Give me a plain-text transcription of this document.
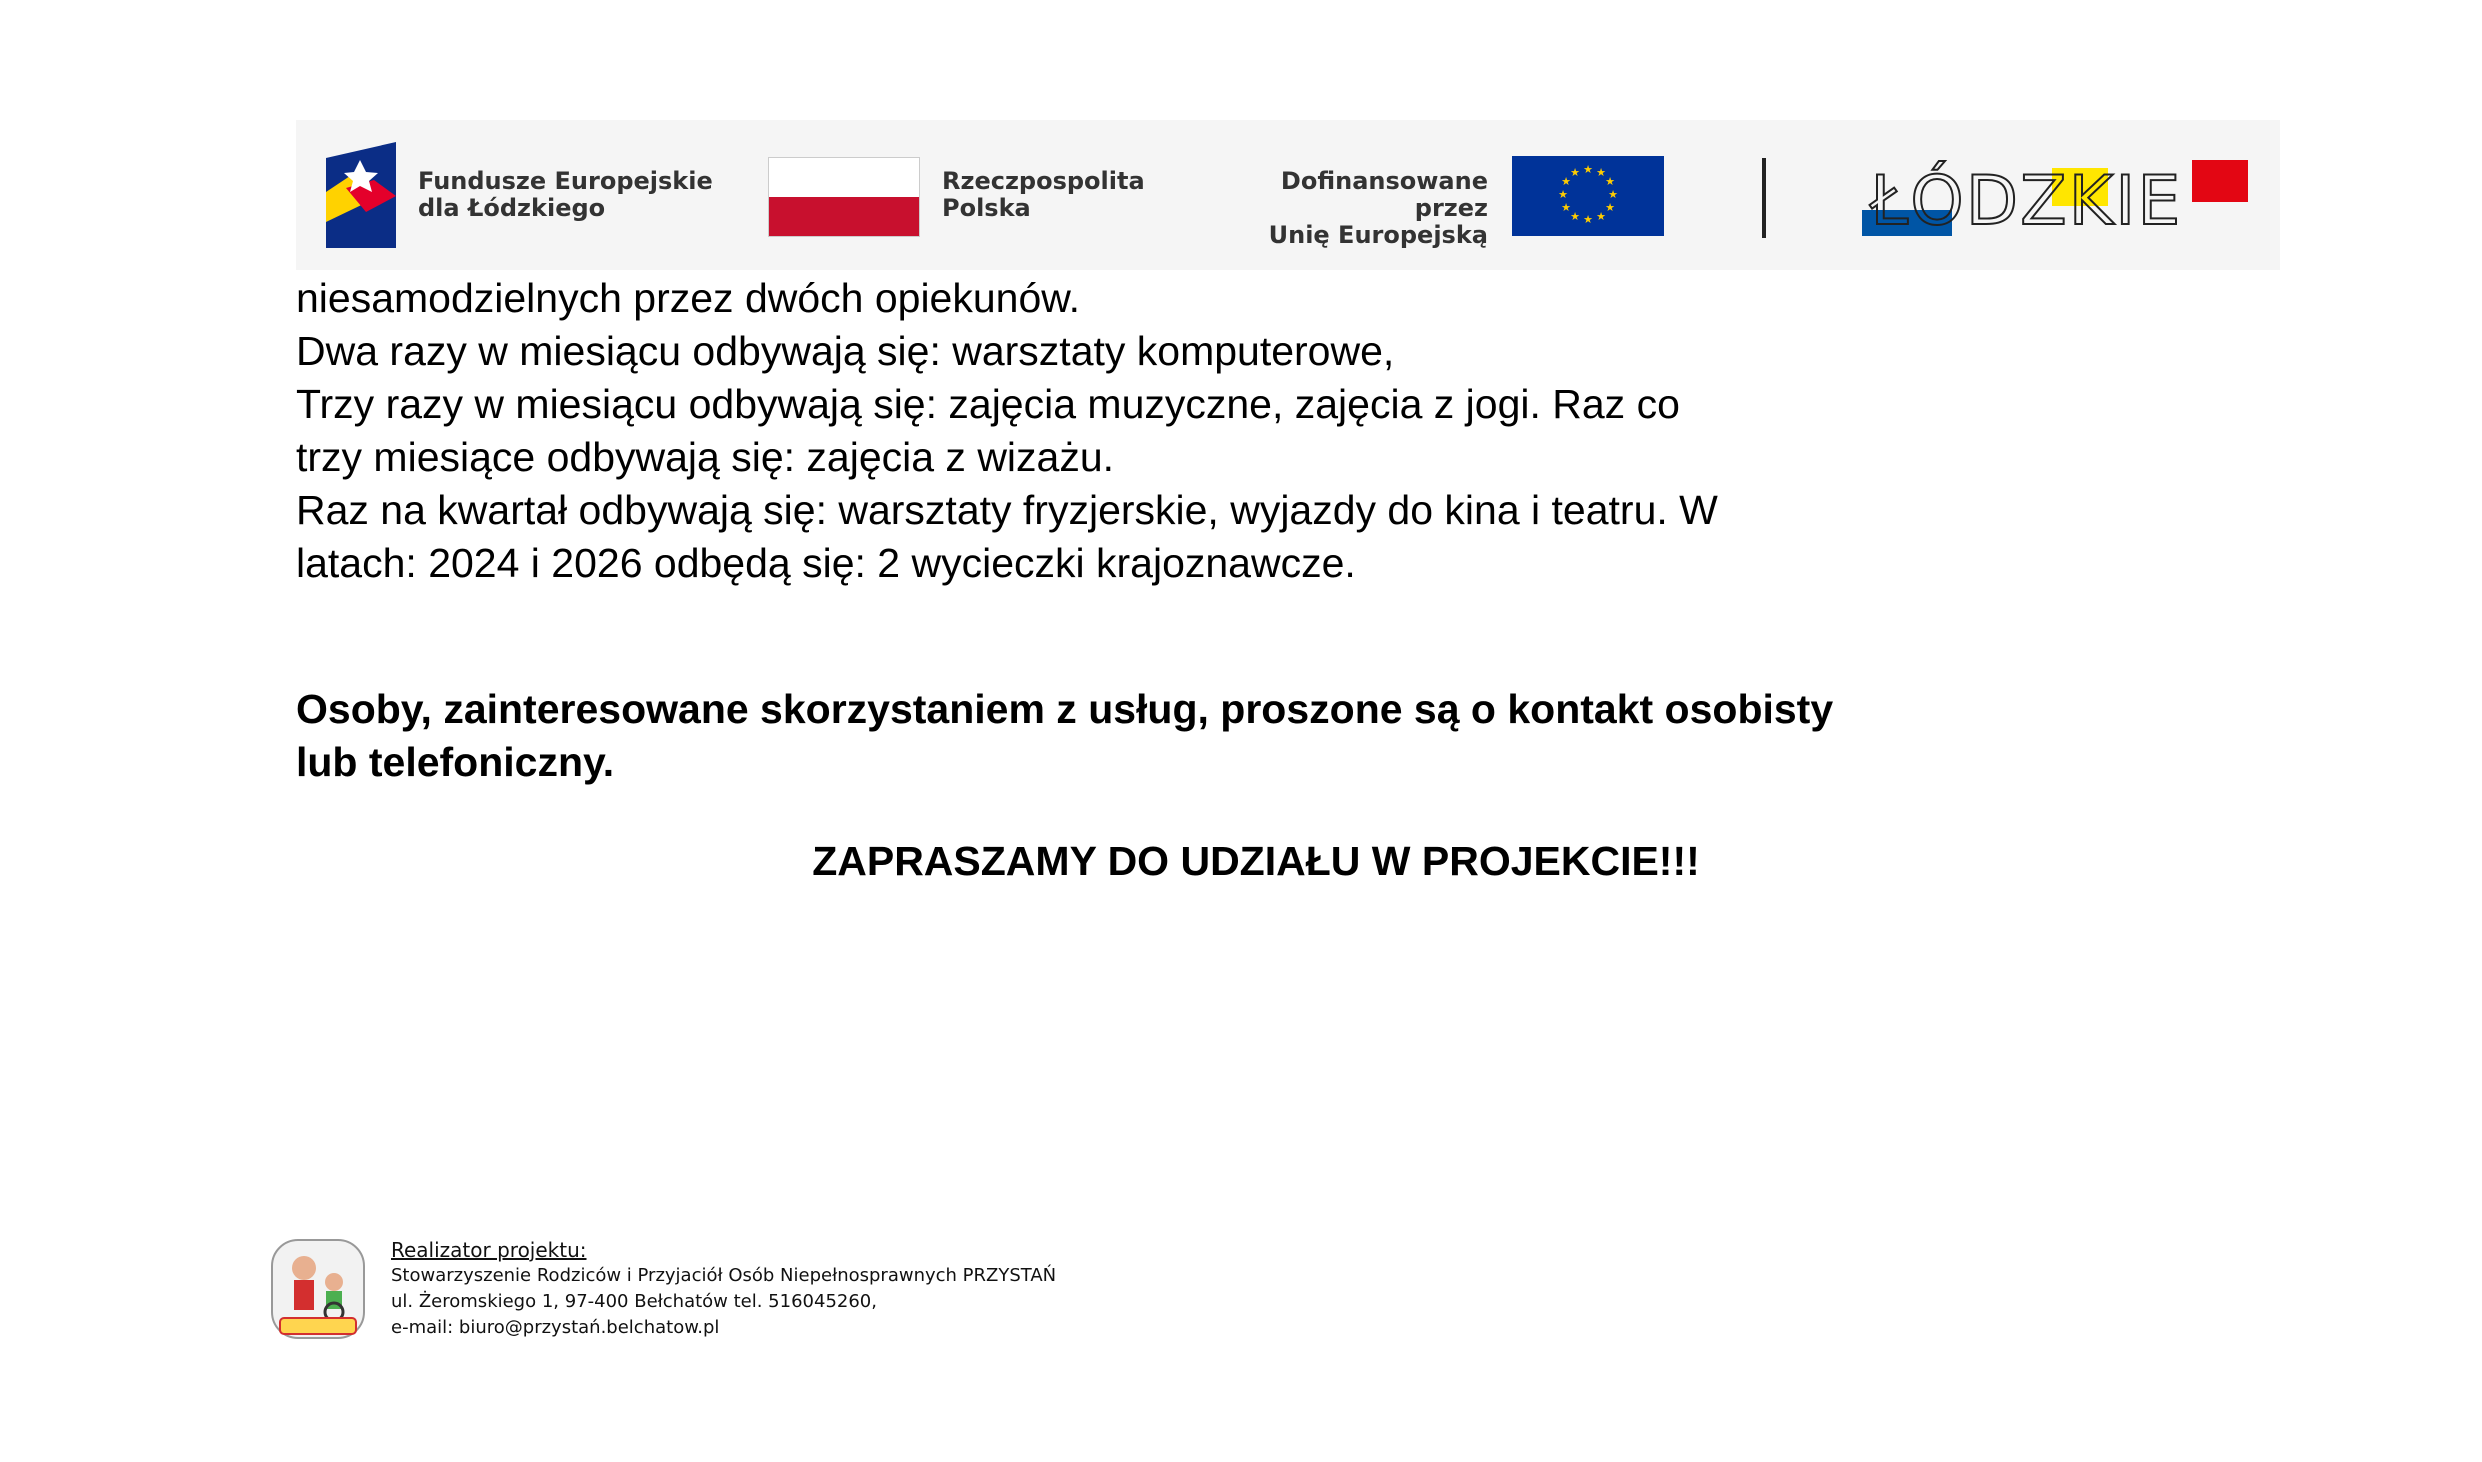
Fundusze Europejskie
dla Łódzkiego
Rzeczpospolita
Polska
Dofinansowane przez
Unię Europejską
★ ★
★
★
★
★
★
★
★
★
★
★	ŁÓDZKIE

niesamodzielnych przez dwóch opiekunów.

Dwa razy w miesiącu odbywają się: warsztaty komputerowe,

Trzy razy w miesiącu odbywają się: zajęcia muzyczne, zajęcia z jogi. Raz co

trzy miesiące odbywają się: zajęcia z wizażu.

Raz na kwartał odbywają się: warsztaty fryzjerskie, wyjazdy do kina i teatru. W

latach: 2024 i 2026 odbędą się: 2 wycieczki krajoznawcze.

Osoby, zainteresowane skorzystaniem z usług, proszone są o kontakt osobisty
lub telefoniczny.
ZAPRASZAMY DO UDZIAŁU W PROJEKCIE!!!
Realizator projektu:
Stowarzyszenie Rodziców i Przyjaciół Osób Niepełnosprawnych PRZYSTAŃ
ul. Żeromskiego 1, 97-400 Bełchatów tel. 516045260,
e-mail: biuro@przystań.belchatow.pl
